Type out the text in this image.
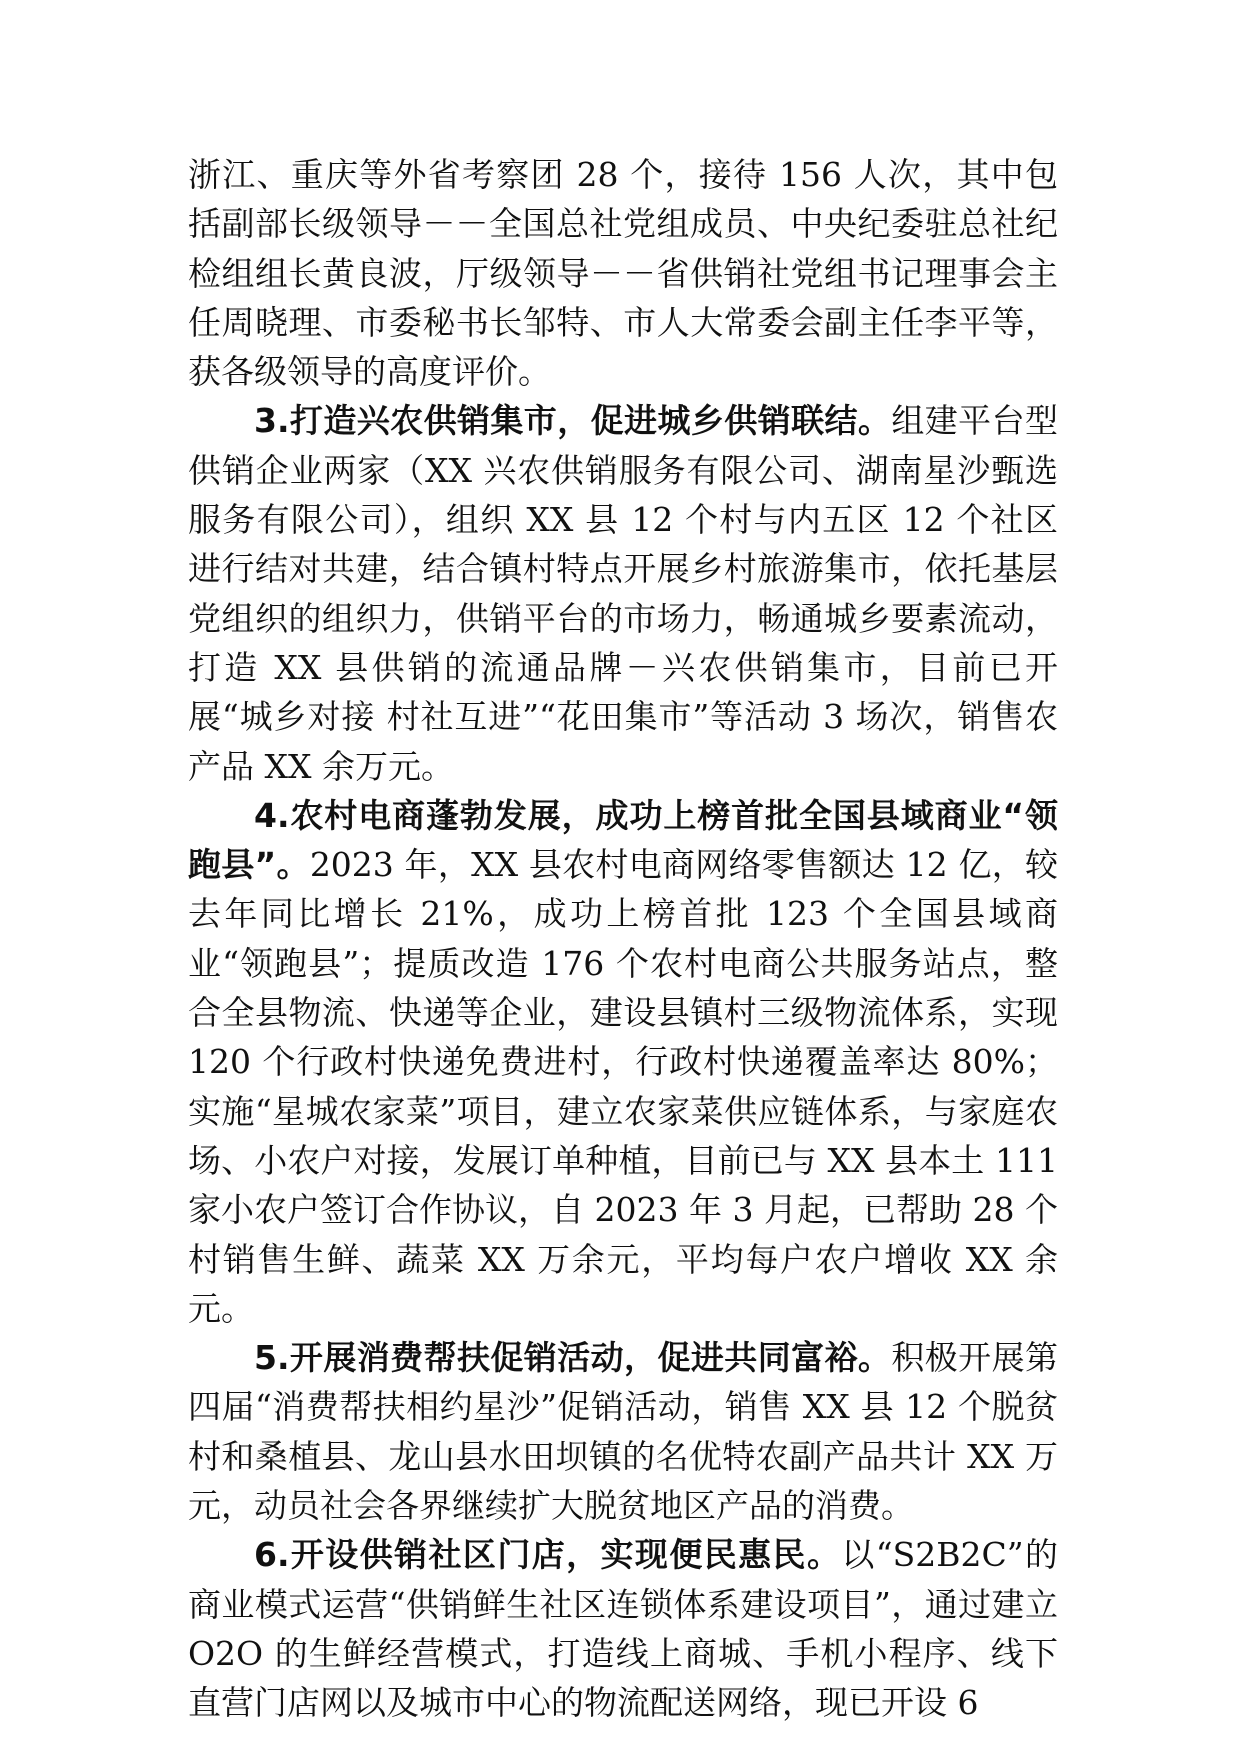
浙江、重庆等外省考察团 28 个，接待 156 人次，其中包括副部长级领导－－全国总社党组成员、中央纪委驻总社纪检组组长黄良波，厅级领导－－省供销社党组书记理事会主任周晓理、市委秘书长邹特、市人大常委会副主任李平等，获各级领导的高度评价。

3.打造兴农供销集市，促进城乡供销联结。组建平台型供销企业两家（XX 兴农供销服务有限公司、湖南星沙甄选服务有限公司），组织 XX 县 12 个村与内五区 12 个社区进行结对共建，结合镇村特点开展乡村旅游集市，依托基层党组织的组织力，供销平台的市场力，畅通城乡要素流动，打造 XX 县供销的流通品牌－兴农供销集市，目前已开展“城乡对接 村社互进”“花田集市”等活动 3 场次，销售农产品 XX 余万元。

4.农村电商蓬勃发展，成功上榜首批全国县域商业“领跑县”。2023 年，XX 县农村电商网络零售额达 12 亿，较去年同比增长 21%，成功上榜首批 123 个全国县域商业“领跑县”；提质改造 176 个农村电商公共服务站点，整合全县物流、快递等企业，建设县镇村三级物流体系，实现 120 个行政村快递免费进村，行政村快递覆盖率达 80%；实施“星城农家菜”项目，建立农家菜供应链体系，与家庭农场、小农户对接，发展订单种植，目前已与 XX 县本土 111 家小农户签订合作协议，自 2023 年 3 月起，已帮助 28 个村销售生鲜、蔬菜 XX 万余元，平均每户农户增收 XX 余元。

5.开展消费帮扶促销活动，促进共同富裕。积极开展第四届“消费帮扶相约星沙”促销活动，销售 XX 县 12 个脱贫村和桑植县、龙山县水田坝镇的名优特农副产品共计 XX 万元，动员社会各界继续扩大脱贫地区产品的消费。

6.开设供销社区门店，实现便民惠民。以“S2B2C”的商业模式运营“供销鲜生社区连锁体系建设项目”，通过建立 O2O 的生鲜经营模式，打造线上商城、手机小程序、线下直营门店网以及城市中心的物流配送网络，现已开设 6
